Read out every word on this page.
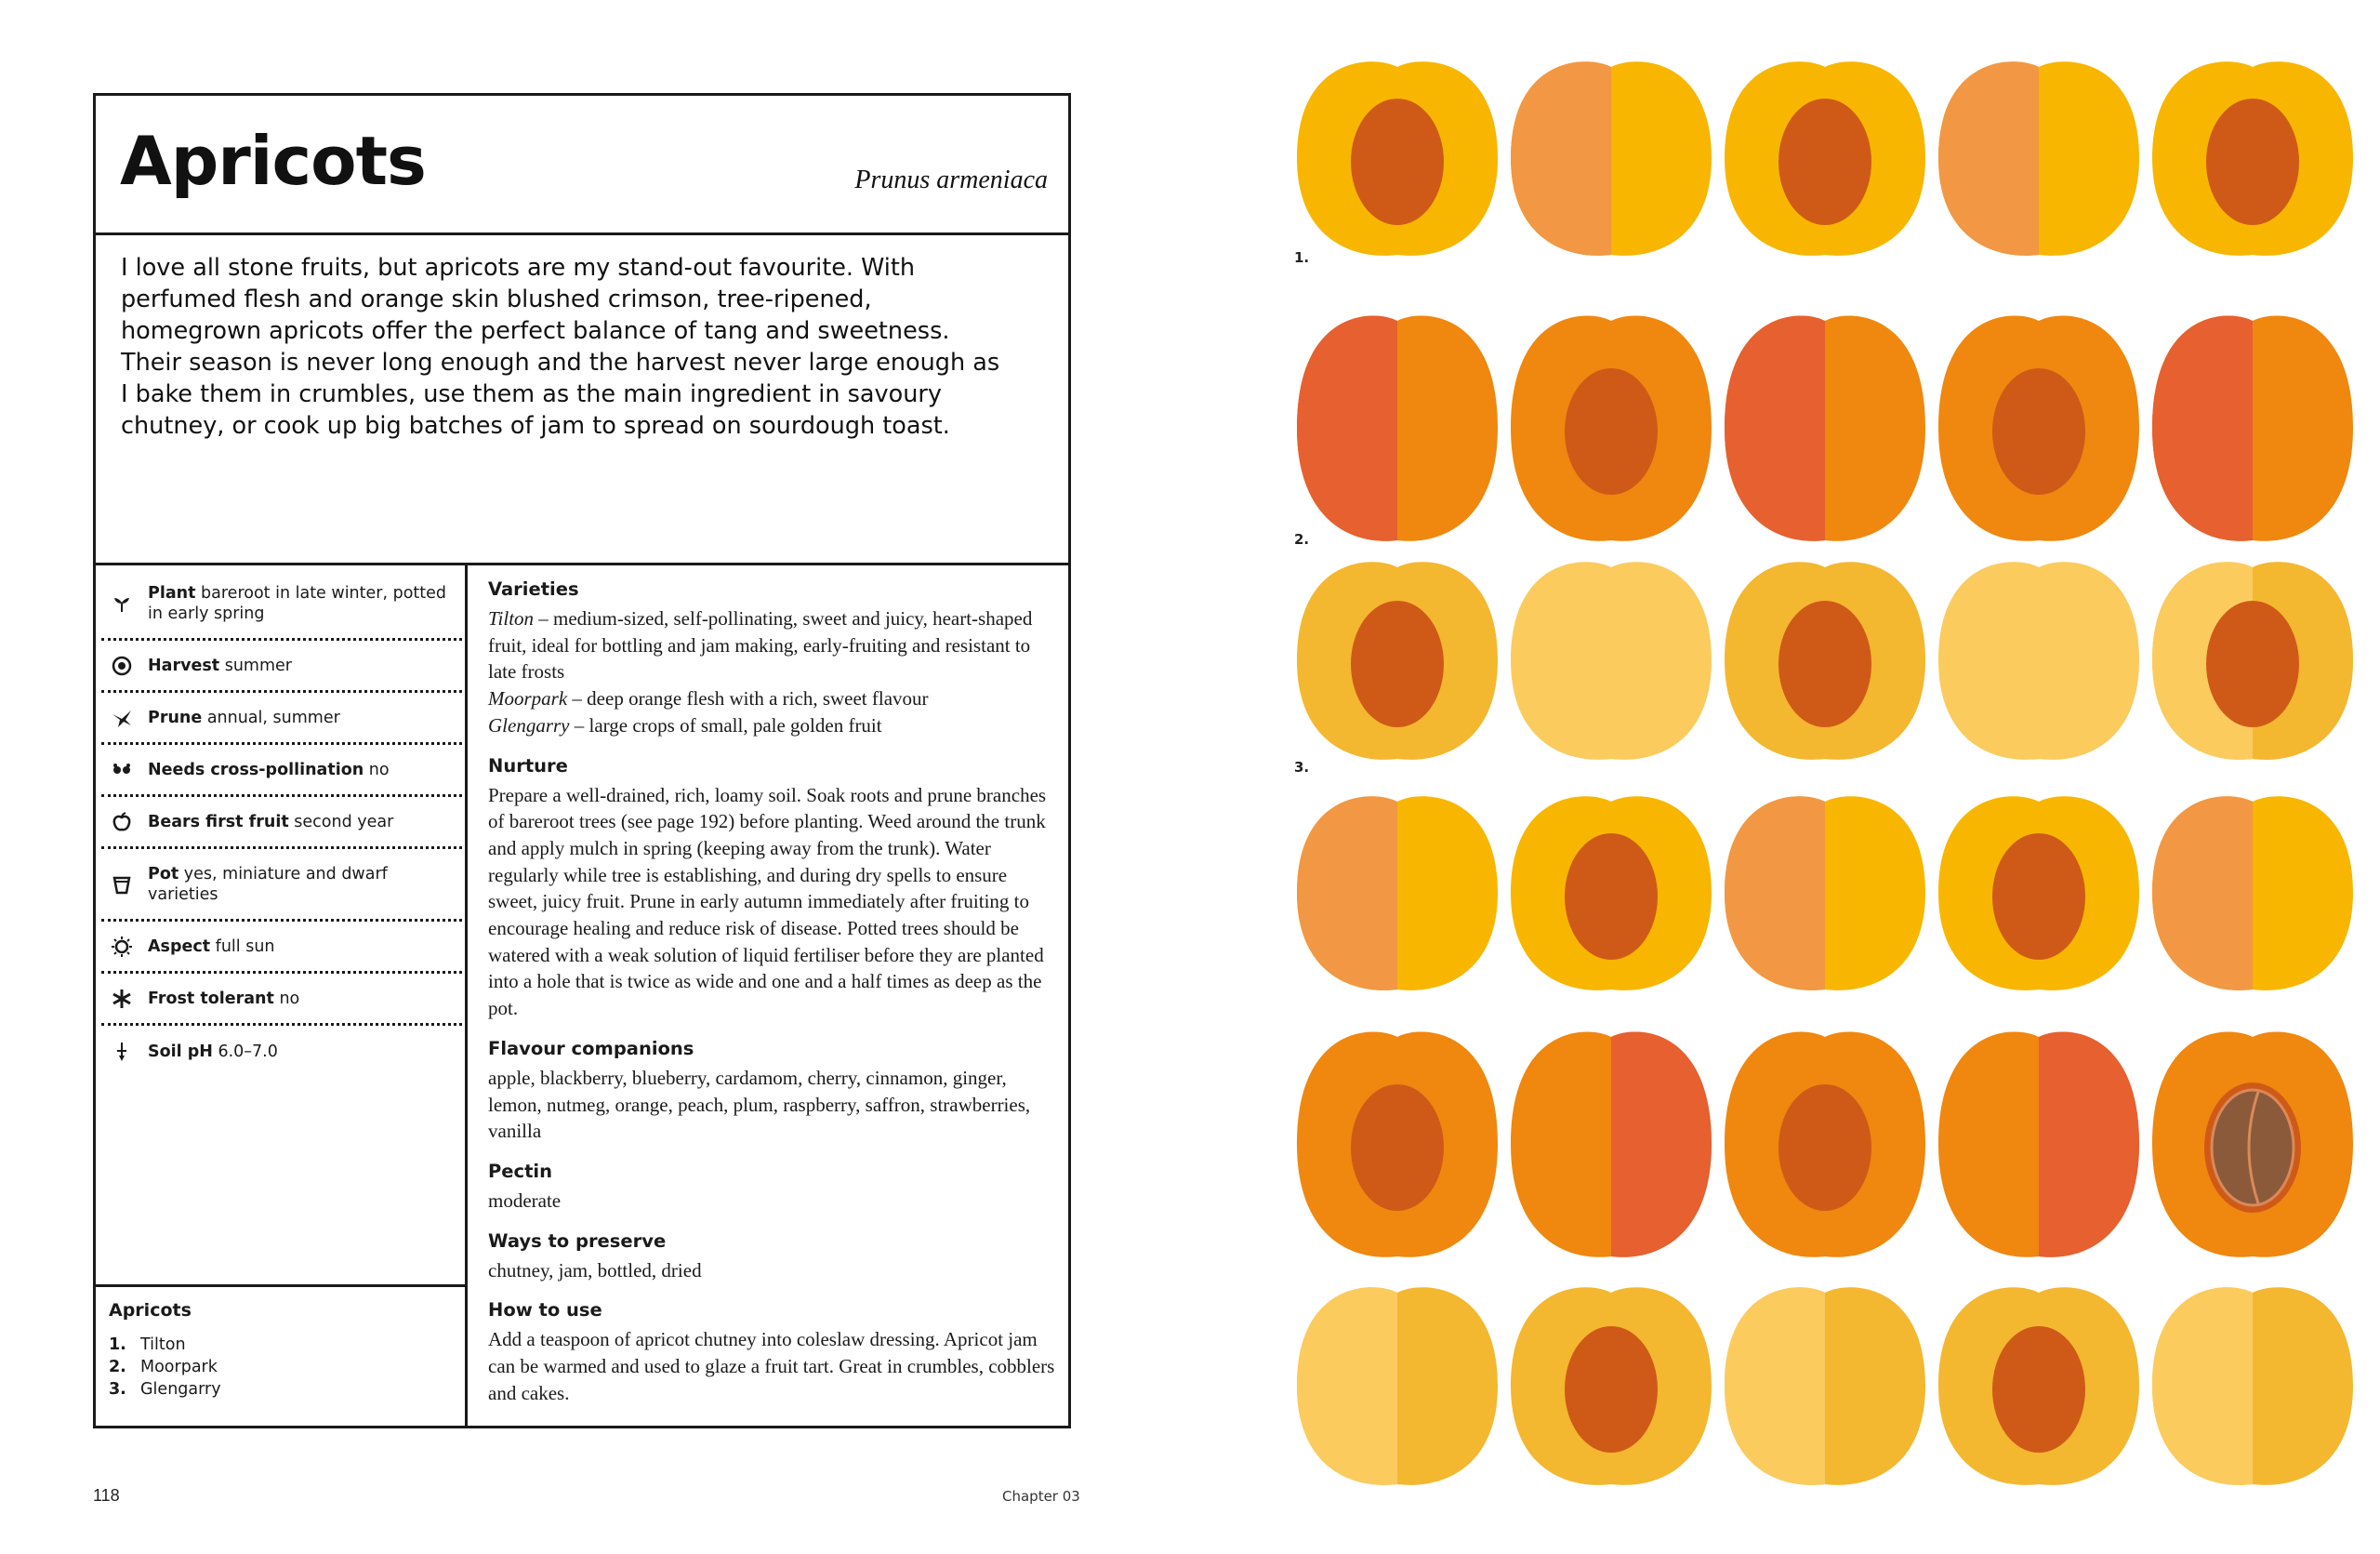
Apricots	Prunus armeniaca

I love all stone fruits, but apricots are my stand-out favourite. With perfumed flesh and orange skin blushed crimson, tree-ripened, homegrown apricots offer the perfect balance of tang and sweetness. Their season is never long enough and the harvest never large enough as I bake them in crumbles, use them as the main ingredient in savoury chutney, or cook up big batches of jam to spread on sourdough toast.

Plant bareroot in late winter, potted in early spring
Harvest summer
Prune annual, summer
Needs cross-pollination no
Bears first fruit second year
Pot yes, miniature and dwarf varieties
Aspect full sun
Frost tolerant no
Soil pH 6.0–7.0
Apricots
1. Tilton
2. Moorpark
3. Glengarry
Varieties

Tilton – medium-sized, self-pollinating, sweet and juicy, heart-shaped fruit, ideal for bottling and jam making, early-fruiting and resistant to late frosts
Moorpark – deep orange flesh with a rich, sweet flavour
Glengarry – large crops of small, pale golden fruit

Nurture

Prepare a well-drained, rich, loamy soil. Soak roots and prune branches of bareroot trees (see page 192) before planting. Weed around the trunk and apply mulch in spring (keeping away from the trunk). Water regularly while tree is establishing, and during dry spells to ensure sweet, juicy fruit. Prune in early autumn immediately after fruiting to encourage healing and reduce risk of disease. Potted trees should be watered with a weak solution of liquid fertiliser before they are planted into a hole that is twice as wide and one and a half times as deep as the pot.

Flavour companions

apple, blackberry, blueberry, cardamom, cherry, cinnamon, ginger, lemon, nutmeg, orange, peach, plum, raspberry, saffron, strawberries, vanilla

Pectin

moderate

Ways to preserve

chutney, jam, bottled, dried

How to use

Add a teaspoon of apricot chutney into coleslaw dressing. Apricot jam can be warmed and used to glaze a fruit tart. Great in crumbles, cobblers and cakes.

118	Chapter 03
1.
2.
3.
